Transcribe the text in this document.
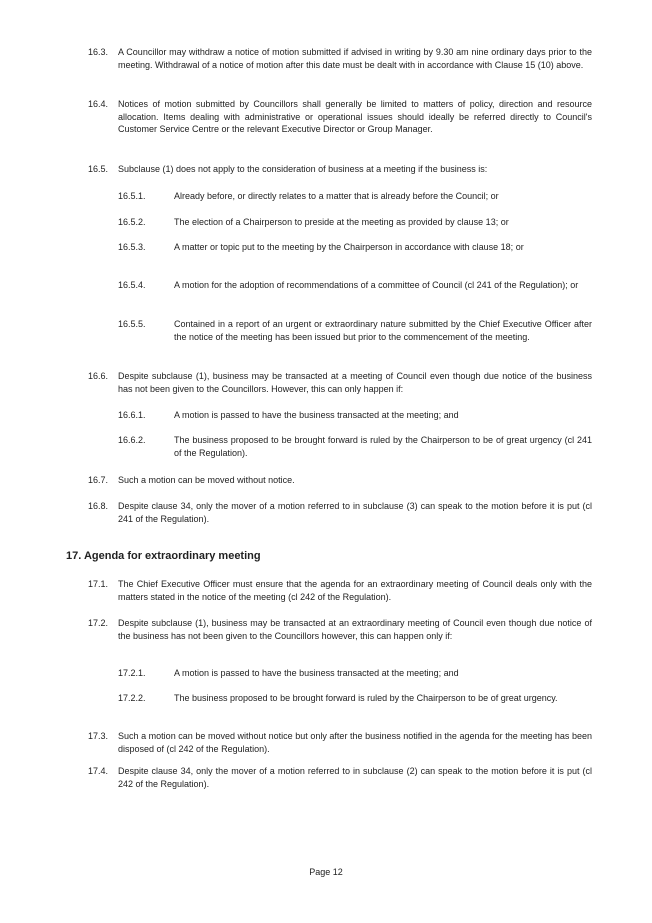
16.3. A Councillor may withdraw a notice of motion submitted if advised in writing by 9.30 am nine ordinary days prior to the meeting. Withdrawal of a notice of motion after this date must be dealt with in accordance with Clause 15 (10) above.
16.4. Notices of motion submitted by Councillors shall generally be limited to matters of policy, direction and resource allocation. Items dealing with administrative or operational issues should ideally be referred directly to Council's Customer Service Centre or the relevant Executive Director or Group Manager.
16.5. Subclause (1) does not apply to the consideration of business at a meeting if the business is:
16.5.1.	Already before, or directly relates to a matter that is already before the Council; or
16.5.2.	The election of a Chairperson to preside at the meeting as provided by clause 13; or
16.5.3.	A matter or topic put to the meeting by the Chairperson in accordance with clause 18; or
16.5.4.	A motion for the adoption of recommendations of a committee of Council (cl 241 of the Regulation); or
16.5.5.	Contained in a report of an urgent or extraordinary nature submitted by the Chief Executive Officer after the notice of the meeting has been issued but prior to the commencement of the meeting.
16.6. Despite subclause (1), business may be transacted at a meeting of Council even though due notice of the business has not been given to the Councillors. However, this can only happen if:
16.6.1.	A motion is passed to have the business transacted at the meeting; and
16.6.2.	The business proposed to be brought forward is ruled by the Chairperson to be of great urgency (cl 241 of the Regulation).
16.7. Such a motion can be moved without notice.
16.8. Despite clause 34, only the mover of a motion referred to in subclause (3) can speak to the motion before it is put (cl 241 of the Regulation).
17. Agenda for extraordinary meeting
17.1. The Chief Executive Officer must ensure that the agenda for an extraordinary meeting of Council deals only with the matters stated in the notice of the meeting (cl 242 of the Regulation).
17.2. Despite subclause (1), business may be transacted at an extraordinary meeting of Council even though due notice of the business has not been given to the Councillors however, this can happen only if:
17.2.1.	A motion is passed to have the business transacted at the meeting; and
17.2.2.	The business proposed to be brought forward is ruled by the Chairperson to be of great urgency.
17.3. Such a motion can be moved without notice but only after the business notified in the agenda for the meeting has been disposed of (cl 242 of the Regulation).
17.4. Despite clause 34, only the mover of a motion referred to in subclause (2) can speak to the motion before it is put (cl 242 of the Regulation).
Page 12
